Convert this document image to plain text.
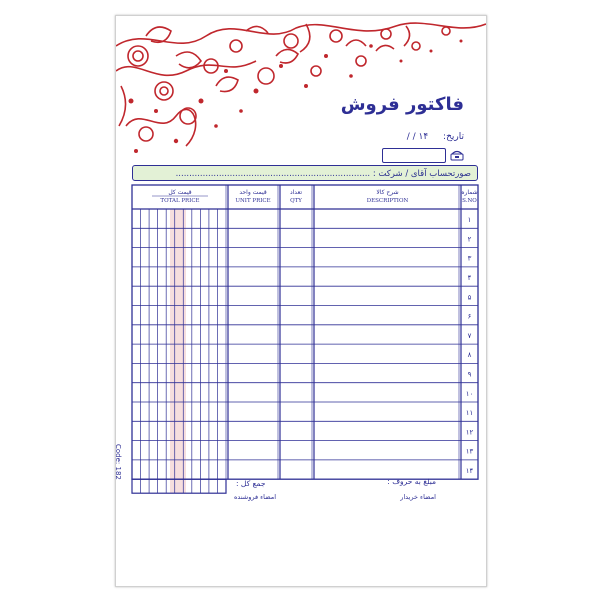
فاکتور فروش
تاریخ: ۱۴ / /
صورتحساب آقای / شرکت : ........................................................................
شماره
S.NO
شرح کالا
DESCRIPTION
تعداد
QTY
قیمت واحد
UNIT PRICE
قیمت کل
TOTAL PRICE
۱
۲
۳
۴
۵
۶
۷
۸
۹
۱۰
۱۱
۱۲
۱۳
۱۴
Code: 182
مبلغ به حروف :
جمع کل :
امضاء خریدار
امضاء فروشنده
